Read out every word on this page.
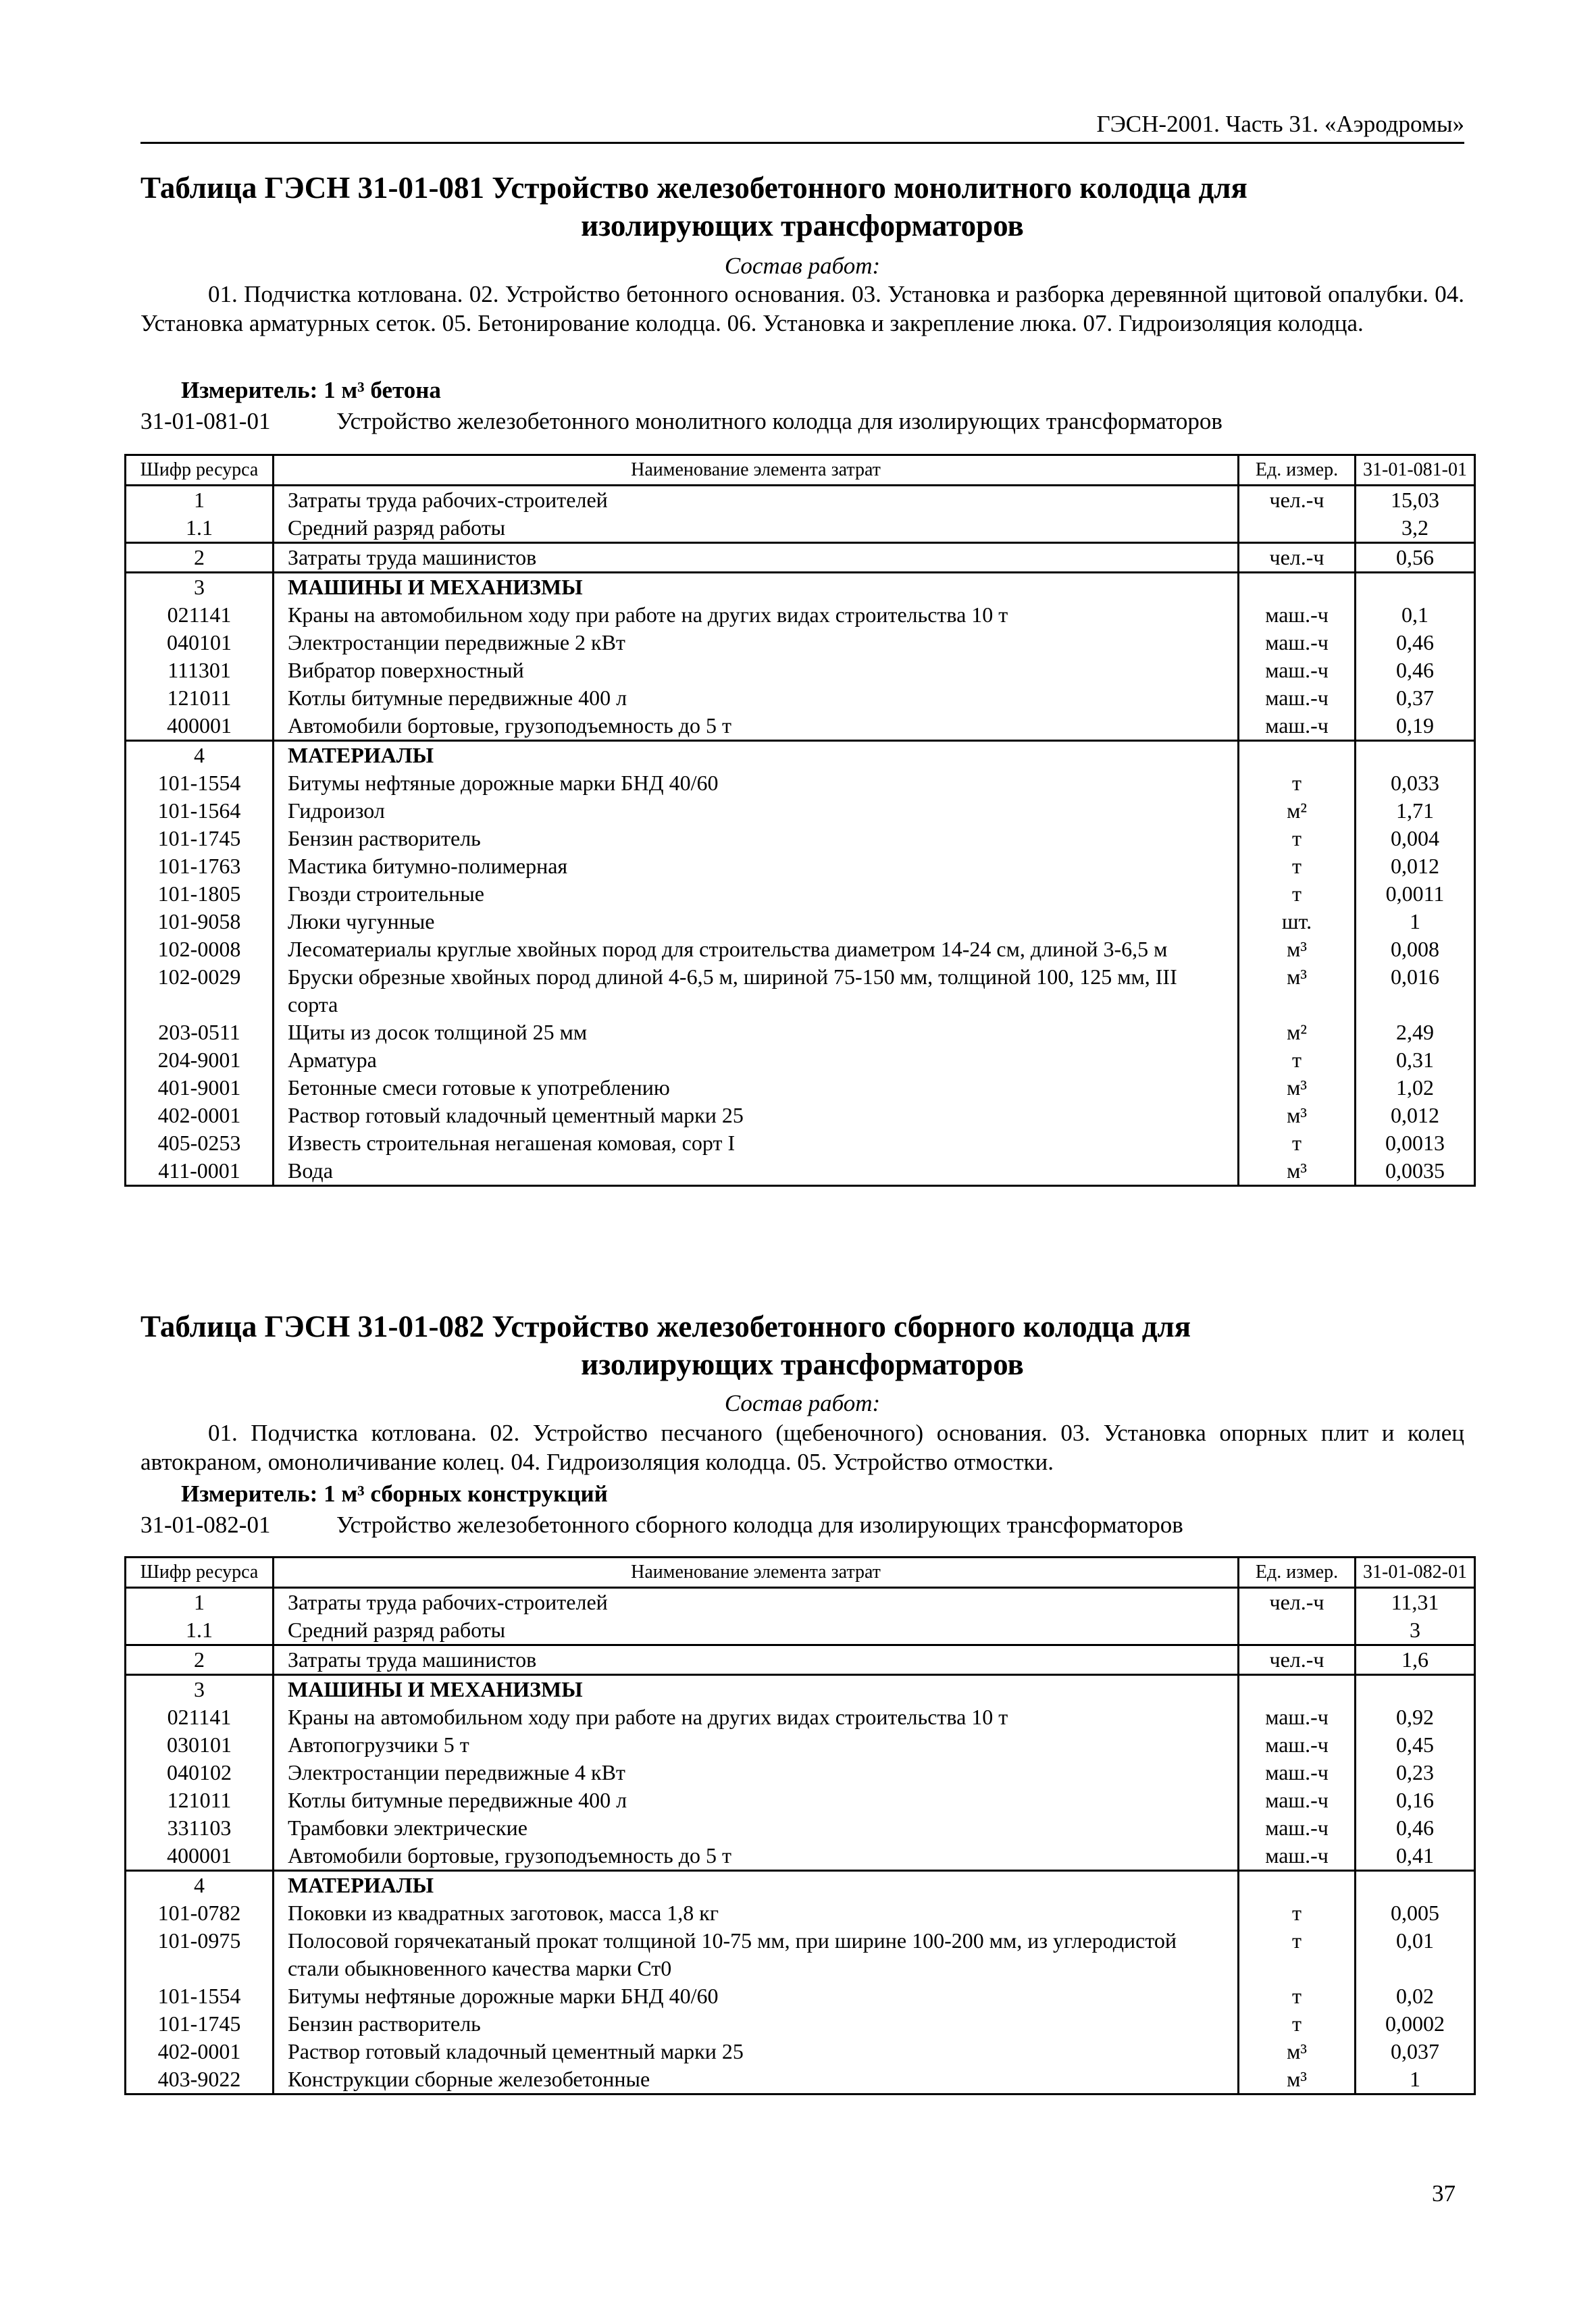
ГЭСН-2001. Часть 31. «Аэродромы»
Таблица ГЭСН 31-01-081 Устройство железобетонного монолитного колодца для
изолирующих трансформаторов
Состав работ:
01. Подчистка котлована. 02. Устройство бетонного основания. 03. Установка и разборка деревянной щитовой опалубки. 04. Установка арматурных сеток. 05. Бетонирование колодца. 06. Установка и закрепление люка. 07. Гидроизоляция колодца.
Измеритель: 1 м³ бетона
31-01-081-01	Устройство железобетонного монолитного колодца для изолирующих трансформаторов
Шифр ресурса	Наименование элемента затрат	Ед. измер.	31-01-081-01
1	Затраты труда рабочих-строителей	чел.-ч	15,03
1.1	Средний разряд работы		3,2
2	Затраты труда машинистов	чел.-ч	0,56
3	МАШИНЫ И МЕХАНИЗМЫ		
021141	Краны на автомобильном ходу при работе на других видах строительства 10 т	маш.-ч	0,1
040101	Электростанции передвижные 2 кВт	маш.-ч	0,46
111301	Вибратор поверхностный	маш.-ч	0,46
121011	Котлы битумные передвижные 400 л	маш.-ч	0,37
400001	Автомобили бортовые, грузоподъемность до 5 т	маш.-ч	0,19
4	МАТЕРИАЛЫ		
101-1554	Битумы нефтяные дорожные марки БНД 40/60	т	0,033
101-1564	Гидроизол	м²	1,71
101-1745	Бензин растворитель	т	0,004
101-1763	Мастика битумно-полимерная	т	0,012
101-1805	Гвозди строительные	т	0,0011
101-9058	Люки чугунные	шт.	1
102-0008	Лесоматериалы круглые хвойных пород для строительства диаметром 14-24 см, длиной 3-6,5 м	м³	0,008
102-0029	Бруски обрезные хвойных пород длиной 4-6,5 м, шириной 75-150 мм, толщиной 100, 125 мм, III сорта	м³	0,016
203-0511	Щиты из досок толщиной 25 мм	м²	2,49
204-9001	Арматура	т	0,31
401-9001	Бетонные смеси готовые к употреблению	м³	1,02
402-0001	Раствор готовый кладочный цементный марки 25	м³	0,012
405-0253	Известь строительная негашеная комовая, сорт I	т	0,0013
411-0001	Вода	м³	0,0035
Таблица ГЭСН 31-01-082 Устройство железобетонного сборного колодца для
изолирующих трансформаторов
Состав работ:
01. Подчистка котлована. 02. Устройство песчаного (щебеночного) основания. 03. Установка опорных плит и колец автокраном, омоноличивание колец. 04. Гидроизоляция колодца. 05. Устройство отмостки.
Измеритель: 1 м³ сборных конструкций
31-01-082-01	Устройство железобетонного сборного колодца для изолирующих трансформаторов
Шифр ресурса	Наименование элемента затрат	Ед. измер.	31-01-082-01
1	Затраты труда рабочих-строителей	чел.-ч	11,31
1.1	Средний разряд работы		3
2	Затраты труда машинистов	чел.-ч	1,6
3	МАШИНЫ И МЕХАНИЗМЫ		
021141	Краны на автомобильном ходу при работе на других видах строительства 10 т	маш.-ч	0,92
030101	Автопогрузчики 5 т	маш.-ч	0,45
040102	Электростанции передвижные 4 кВт	маш.-ч	0,23
121011	Котлы битумные передвижные 400 л	маш.-ч	0,16
331103	Трамбовки электрические	маш.-ч	0,46
400001	Автомобили бортовые, грузоподъемность до 5 т	маш.-ч	0,41
4	МАТЕРИАЛЫ		
101-0782	Поковки из квадратных заготовок, масса 1,8 кг	т	0,005
101-0975	Полосовой горячекатаный прокат толщиной 10-75 мм, при ширине 100-200 мм, из углеродистой стали обыкновенного качества марки Ст0	т	0,01
101-1554	Битумы нефтяные дорожные марки БНД 40/60	т	0,02
101-1745	Бензин растворитель	т	0,0002
402-0001	Раствор готовый кладочный цементный марки 25	м³	0,037
403-9022	Конструкции сборные железобетонные	м³	1
37
